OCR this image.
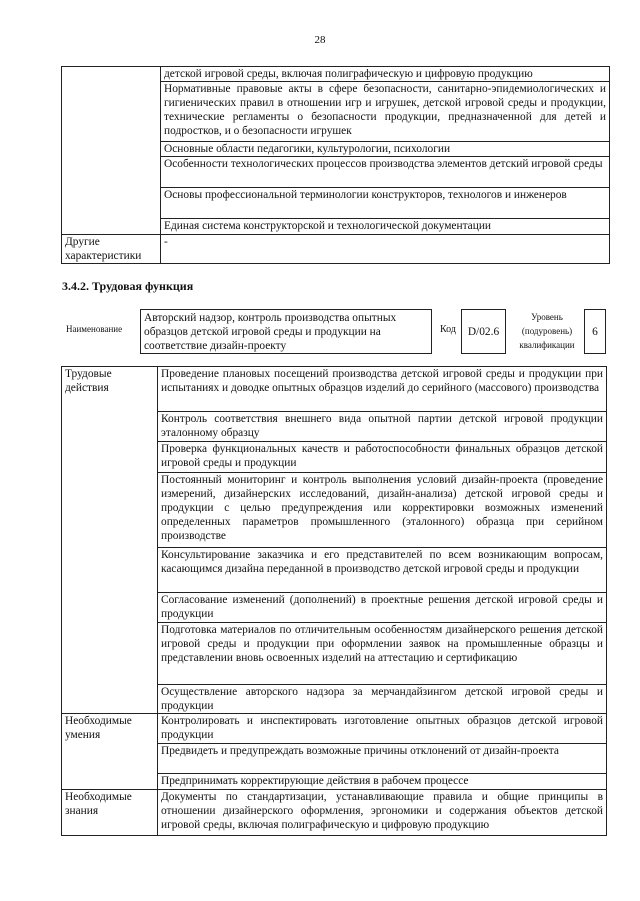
28
	детской игровой среды, включая полиграфическую и цифровую продукцию
	Нормативные правовые акты в сфере безопасности, санитарно-эпидемиологических и гигиенических правил в отношении игр и игрушек, детской игровой среды и продукции, технические регламенты о безопасности продукции, предназначенной для детей и подростков, и о безопасности игрушек
	Основные области педагогики, культурологии, психологии
	Особенности технологических процессов производства элементов детский игровой среды
	Основы профессиональной терминологии конструкторов, технологов и инженеров
	Единая система конструкторской и технологической документации
Другие характеристики	-
3.4.2. Трудовая функция
Наименование
Авторский надзор, контроль производства опытных образцов детской игровой среды и продукции на соответствие дизайн-проекту
Код D/02.6
Уровень (подуровень) квалификации
6
Трудовые действия	Проведение плановых посещений производства детской игровой среды и продукции при испытаниях и доводке опытных образцов изделий до серийного (массового) производства
	Контроль соответствия внешнего вида опытной партии детской игровой продукции эталонному образцу
	Проверка функциональных качеств и работоспособности финальных образцов детской игровой среды и продукции
	Постоянный мониторинг и контроль выполнения условий дизайн-проекта (проведение измерений, дизайнерских исследований, дизайн-анализа) детской игровой среды и продукции с целью предупреждения или корректировки возможных изменений определенных параметров промышленного (эталонного) образца при серийном производстве
	Консультирование заказчика и его представителей по всем возникающим вопросам, касающимся дизайна переданной в производство детской игровой среды и продукции
	Согласование изменений (дополнений) в проектные решения детской игровой среды и продукции
	Подготовка материалов по отличительным особенностям дизайнерского решения детской игровой среды и продукции при оформлении заявок на промышленные образцы и представлении вновь освоенных изделий на аттестацию и сертификацию
	Осуществление авторского надзора за мерчандайзингом детской игровой среды и продукции
Необходимые умения	Контролировать и инспектировать изготовление опытных образцов детской игровой продукции
	Предвидеть и предупреждать возможные причины отклонений от дизайн-проекта
	Предпринимать корректирующие действия в рабочем процессе
Необходимые знания	Документы по стандартизации, устанавливающие правила и общие принципы в отношении дизайнерского оформления, эргономики и содержания объектов детской игровой среды, включая полиграфическую и цифровую продукцию
